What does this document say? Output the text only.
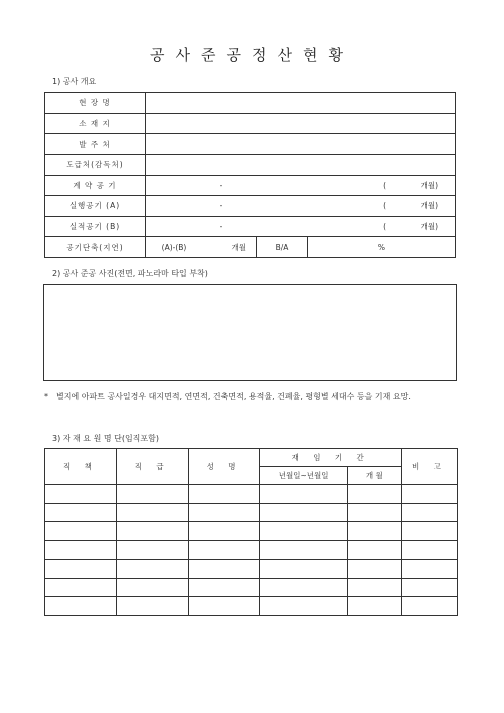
공사준공정산현황
1) 공사 개요
현 장 명			
소 재 지			
발 주 처			
도급처(감독처)			
계 약 공 기	- ( 개월)		
실행공기 (A)	- ( 개월)		
실적공기 (B)	- ( 개월)		
공기단축(지연)	(A)-(B) 개월	B/A	%
2) 공사 준공 사진(전면, 파노라마 타입 부착)
* 별지에 아파트 공사일경우 대지면적, 연면적, 건축면적, 용적율, 건폐율, 평형별 세대수 등을 기재 요망.
3) 자 재 요 원 명 단(임직포함)
직 책	직 급	성 명	재 임 기 간		비 고
			년월일~년월일	개 월	
